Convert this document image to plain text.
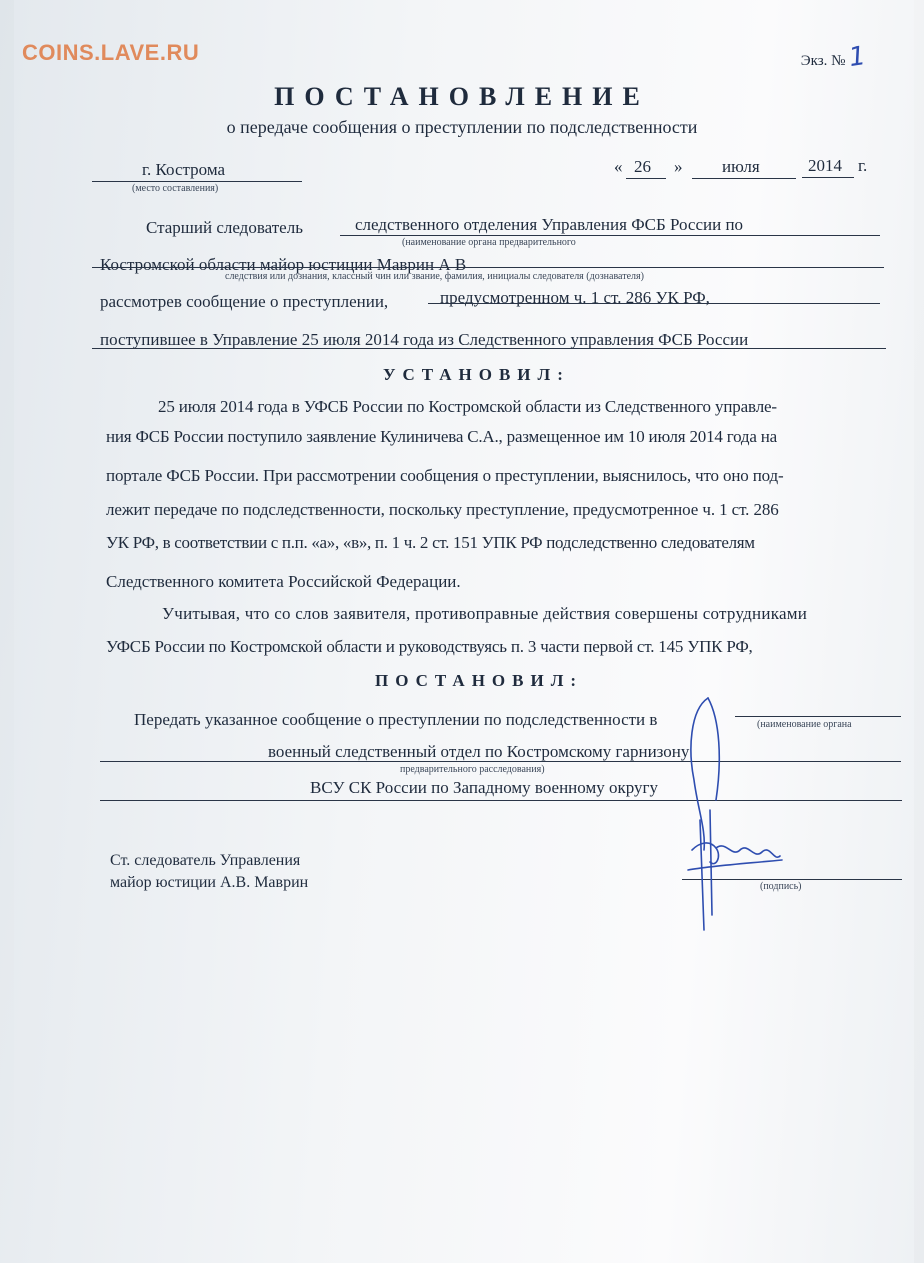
COINS.LAVE.RU	Экз. №1
ПОСТАНОВЛЕНИЕ
о передаче сообщения о преступлении по подследственности
г. Кострома
(место составления)
« 26 » июля	2014 г.
Старший следователь	следственного отделения Управления ФСБ России по
(наименование органа предварительного
Костромской области майор юстиции Маврин А В
следствия или дознания, классный чин или звание, фамилия, инициалы следователя (дознавателя)
рассмотрев сообщение о преступлении,	предусмотренном ч. 1 ст. 286 УК РФ,
поступившее в Управление 25 июля 2014 года из Следственного управления ФСБ России
УСТАНОВИЛ:
25 июля 2014 года в УФСБ России по Костромской области из Следственного управле-
ния ФСБ России поступило заявление Кулиничева С.А., размещенное им 10 июля 2014 года на
портале ФСБ России. При рассмотрении сообщения о преступлении, выяснилось, что оно под-
лежит передаче по подследственности, поскольку преступление, предусмотренное ч. 1 ст. 286
УК РФ, в соответствии с п.п. «а», «в», п. 1 ч. 2 ст. 151 УПК РФ подследственно следователям
Следственного комитета Российской Федерации.
Учитывая, что со слов заявителя, противоправные действия совершены сотрудниками
УФСБ России по Костромской области и руководствуясь п. 3 части первой ст. 145 УПК РФ,
ПОСТАНОВИЛ:
Передать указанное сообщение о преступлении по подследственности в	(наименование органа
военный следственный отдел по Костромскому гарнизону
предварительного расследования)
ВСУ СК России по Западному военному округу
Ст. следователь Управления
майор юстиции А.В. Маврин	(подпись)
